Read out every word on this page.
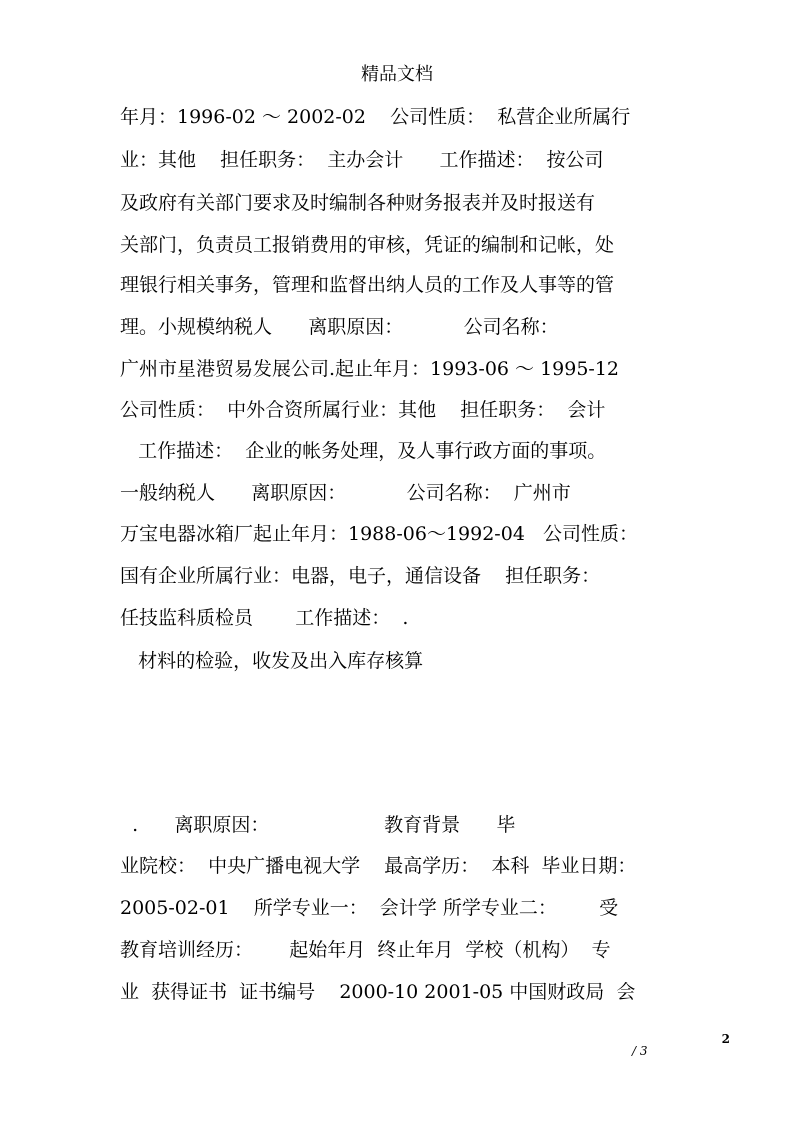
精品文档
年月：1996-02 ～ 2002-02    公司性质：  私营企业所属行
业：其他    担任职务：  主办会计      工作描述：  按公司
及政府有关部门要求及时编制各种财务报表并及时报送有
关部门，负责员工报销费用的审核，凭证的编制和记帐，处
理银行相关事务，管理和监督出纳人员的工作及人事等的管
理。小规模纳税人      离职原因：          公司名称：
广州市星港贸易发展公司.起止年月：1993-06 ～ 1995-12
公司性质：  中外合资所属行业：其他    担任职务：  会计
工作描述：  企业的帐务处理，及人事行政方面的事项。
一般纳税人      离职原因：          公司名称：  广州市
万宝电器冰箱厂起止年月：1988-06～1992-04   公司性质：
国有企业所属行业：电器，电子，通信设备    担任职务：
任技监科质检员       工作描述：  .
材料的检验，收发及出入库存核算
.      离职原因：                   教育背景      毕
业院校：  中央广播电视大学    最高学历：  本科  毕业日期：
2005-02-01    所学专业一：  会计学 所学专业二：       受
教育培训经历：      起始年月  终止年月  学校（机构）  专
业  获得证书  证书编号    2000-10 2001-05 中国财政局  会
2
/ 3
